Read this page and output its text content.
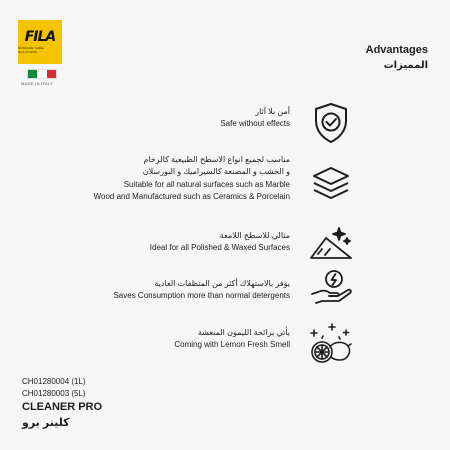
FILA
SURFACE CARE SOLUTIONS
MADE IN ITALY
Advantages
المميزات
أمن بلا آثار
Safe without effects
مناسب لجميع انواع الاسطح الطبيعية كالرخام
و الخشب و المصنعة كالسيراميك و البورسلان
Suitable for all natural surfaces such as Marble
Wood and Manufactured such as Ceramics & Porcelain
مثالي للاسطح اللامعة
Ideal for all Polished & Waxed Surfaces
يوفر بالاستهلاك أكثر من المنظفات العادية
Saves Consumption more than normal detergents
يأتي برائحة الليمون المنعشة
Coming with Lemon Fresh Smell
CH01280004 (1L)
CH01280003 (5L)
CLEANER PRO
كلينر برو
